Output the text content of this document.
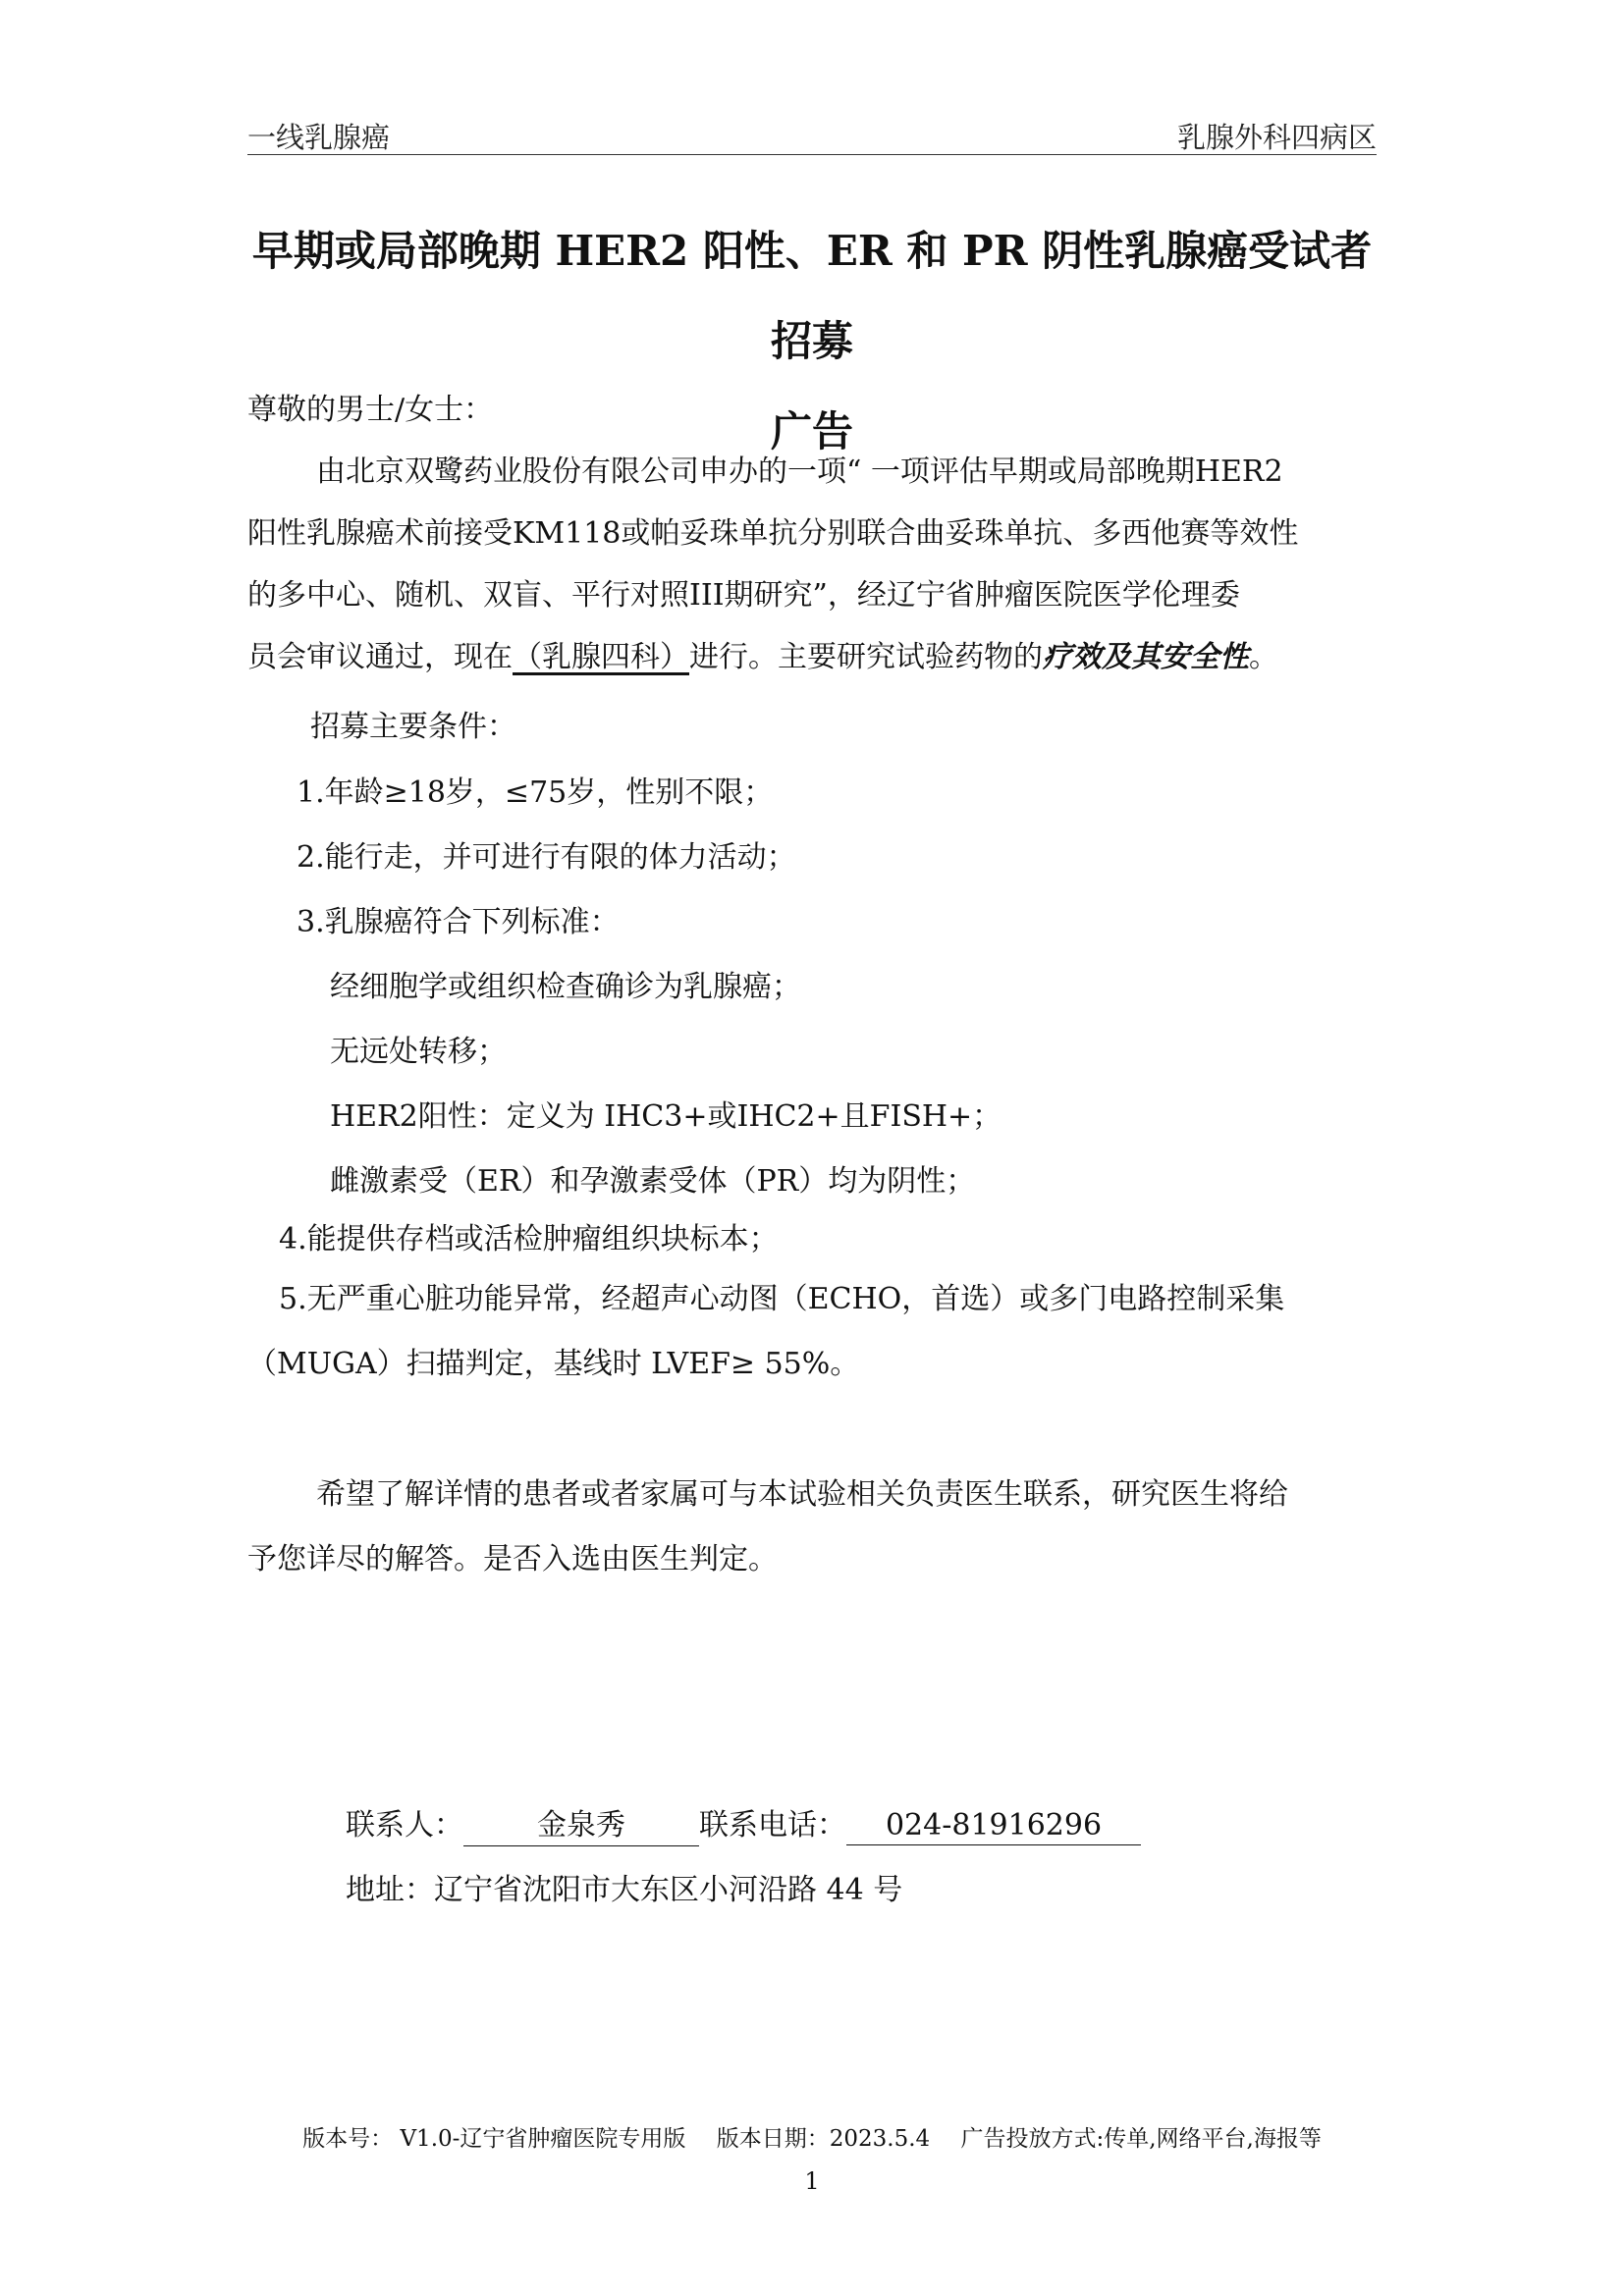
一线乳腺癌	乳腺外科四病区
早期或局部晚期 HER2 阳性、ER 和 PR 阴性乳腺癌受试者招募
广告
尊敬的男士/女士：
由北京双鹭药业股份有限公司申办的一项“ 一项评估早期或局部晚期HER2
阳性乳腺癌术前接受KM118或帕妥珠单抗分别联合曲妥珠单抗、多西他赛等效性
的多中心、随机、双盲、平行对照III期研究”，经辽宁省肿瘤医院医学伦理委
员会审议通过，现在（乳腺四科）进行。主要研究试验药物的疗效及其安全性。
招募主要条件：
1.年龄≥18岁，≤75岁，性别不限；
2.能行走，并可进行有限的体力活动；
3.乳腺癌符合下列标准：
经细胞学或组织检查确诊为乳腺癌；
无远处转移；
HER2阳性：定义为 IHC3+或IHC2+且FISH+；
雌激素受（ER）和孕激素受体（PR）均为阴性；
4.能提供存档或活检肿瘤组织块标本；
5.无严重心脏功能异常，经超声心动图（ECHO，首选）或多门电路控制采集
（MUGA）扫描判定，基线时 LVEF≥ 55%。
希望了解详情的患者或者家属可与本试验相关负责医生联系，研究医生将给
予您详尽的解答。是否入选由医生判定。
联系人：	金泉秀	联系电话： 024-81916296
地址：辽宁省沈阳市大东区小河沿路 44 号
版本号： V1.0-辽宁省肿瘤医院专用版 版本日期：2023.5.4 广告投放方式:传单,网络平台,海报等
1
